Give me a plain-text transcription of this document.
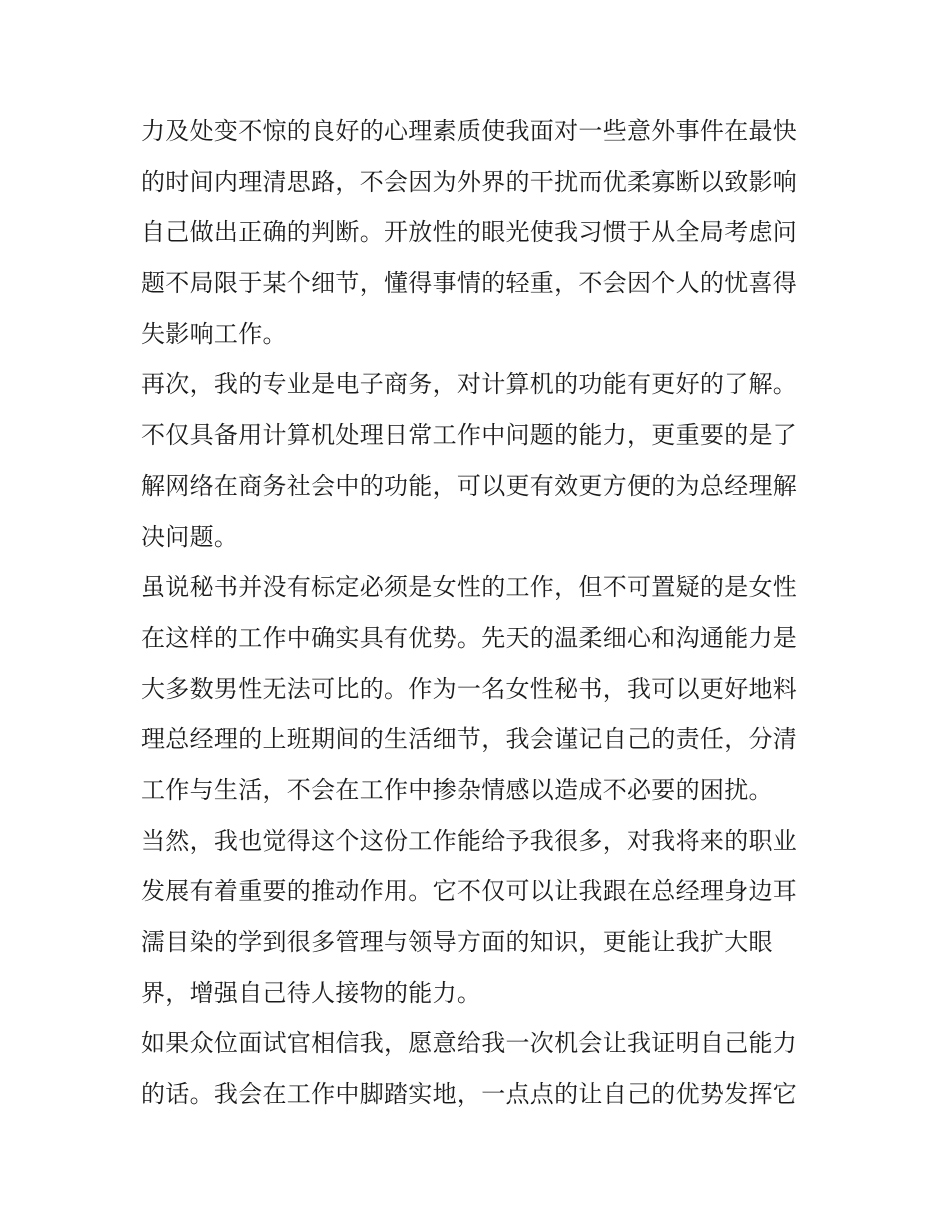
力及处变不惊的良好的心理素质使我面对一些意外事件在最快
的时间内理清思路，不会因为外界的干扰而优柔寡断以致影响
自己做出正确的判断。开放性的眼光使我习惯于从全局考虑问
题不局限于某个细节，懂得事情的轻重，不会因个人的忧喜得
失影响工作。
再次，我的专业是电子商务，对计算机的功能有更好的了解。
不仅具备用计算机处理日常工作中问题的能力，更重要的是了
解网络在商务社会中的功能，可以更有效更方便的为总经理解
决问题。
虽说秘书并没有标定必须是女性的工作，但不可置疑的是女性
在这样的工作中确实具有优势。先天的温柔细心和沟通能力是
大多数男性无法可比的。作为一名女性秘书，我可以更好地料
理总经理的上班期间的生活细节，我会谨记自己的责任，分清
工作与生活，不会在工作中掺杂情感以造成不必要的困扰。
当然，我也觉得这个这份工作能给予我很多，对我将来的职业
发展有着重要的推动作用。它不仅可以让我跟在总经理身边耳
濡目染的学到很多管理与领导方面的知识，更能让我扩大眼
界，增强自己待人接物的能力。
如果众位面试官相信我，愿意给我一次机会让我证明自己能力
的话。我会在工作中脚踏实地，一点点的让自己的优势发挥它
